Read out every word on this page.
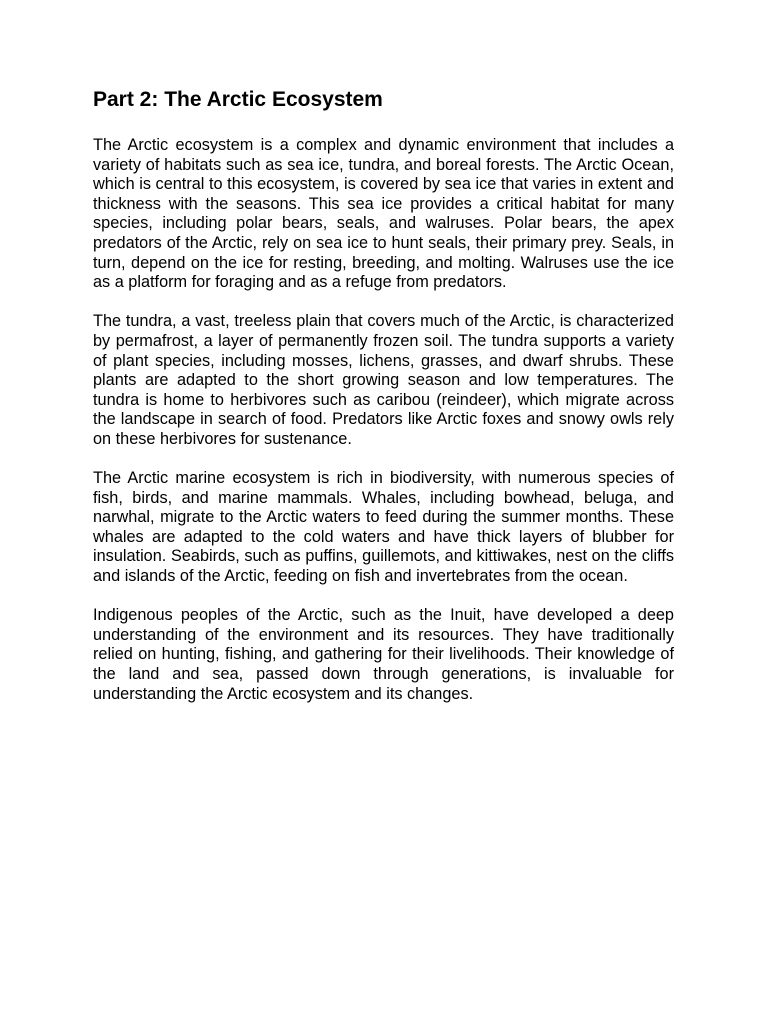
Part 2: The Arctic Ecosystem

The Arctic ecosystem is a complex and dynamic environment that includes a variety of habitats such as sea ice, tundra, and boreal forests. The Arctic Ocean, which is central to this ecosystem, is covered by sea ice that varies in extent and thickness with the seasons. This sea ice provides a critical habitat for many species, including polar bears, seals, and walruses. Polar bears, the apex predators of the Arctic, rely on sea ice to hunt seals, their primary prey. Seals, in turn, depend on the ice for resting, breeding, and molting. Walruses use the ice as a platform for foraging and as a refuge from predators.

The tundra, a vast, treeless plain that covers much of the Arctic, is characterized by permafrost, a layer of permanently frozen soil. The tundra supports a variety of plant species, including mosses, lichens, grasses, and dwarf shrubs. These plants are adapted to the short growing season and low temperatures. The tundra is home to herbivores such as caribou (reindeer), which migrate across the landscape in search of food. Predators like Arctic foxes and snowy owls rely on these herbivores for sustenance.

The Arctic marine ecosystem is rich in biodiversity, with numerous species of fish, birds, and marine mammals. Whales, including bowhead, beluga, and narwhal, migrate to the Arctic waters to feed during the summer months. These whales are adapted to the cold waters and have thick layers of blubber for insulation. Seabirds, such as puffins, guillemots, and kittiwakes, nest on the cliffs and islands of the Arctic, feeding on fish and invertebrates from the ocean.

Indigenous peoples of the Arctic, such as the Inuit, have developed a deep understanding of the environment and its resources. They have traditionally relied on hunting, fishing, and gathering for their livelihoods. Their knowledge of the land and sea, passed down through generations, is invaluable for understanding the Arctic ecosystem and its changes.
